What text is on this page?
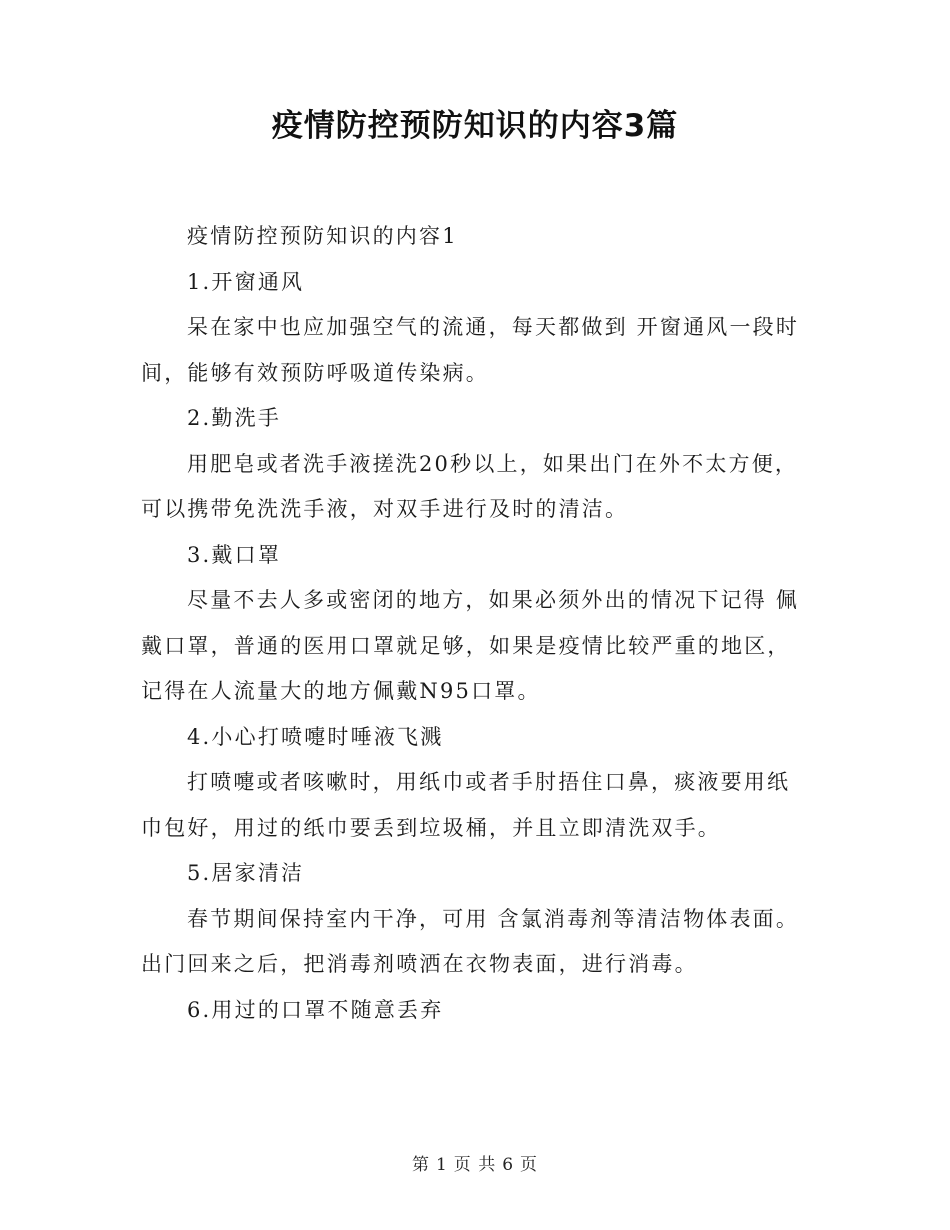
疫情防控预防知识的内容3篇

疫情防控预防知识的内容1

1.开窗通风

呆在家中也应加强空气的流通，每天都做到 开窗通风一段时

间，能够有效预防呼吸道传染病。

2.勤洗手

用肥皂或者洗手液搓洗20秒以上，如果出门在外不太方便，

可以携带免洗洗手液，对双手进行及时的清洁。

3.戴口罩

尽量不去人多或密闭的地方，如果必须外出的情况下记得 佩

戴口罩，普通的医用口罩就足够，如果是疫情比较严重的地区，

记得在人流量大的地方佩戴N95口罩。

4.小心打喷嚏时唾液飞溅

打喷嚏或者咳嗽时，用纸巾或者手肘捂住口鼻，痰液要用纸

巾包好，用过的纸巾要丢到垃圾桶，并且立即清洗双手。

5.居家清洁

春节期间保持室内干净，可用 含氯消毒剂等清洁物体表面。

出门回来之后，把消毒剂喷洒在衣物表面，进行消毒。

6.用过的口罩不随意丢弃

第 1 页 共 6 页
